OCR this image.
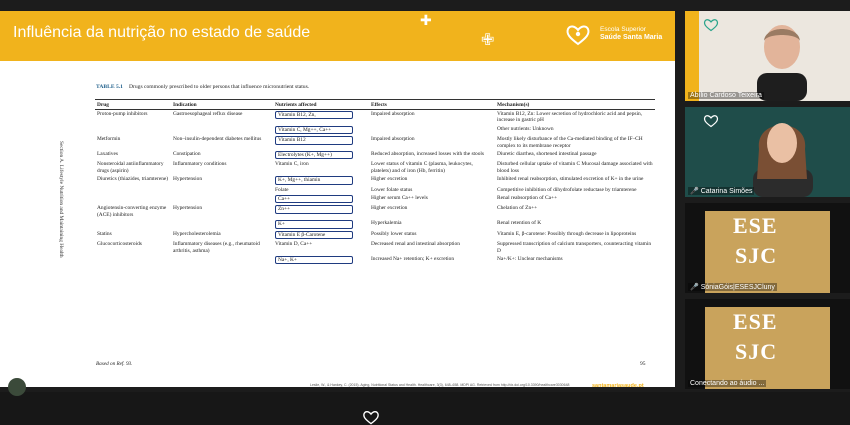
Influência da nutrição no estado de saúde
✚
✙
Escola Superior
Saúde Santa Maria
TABLE 5.1 Drugs commonly prescribed to older persons that influence micronutrient status.
Section A. Lifestyle Nutrition and Maintaining Health
Drug	Indication	Nutrients affected	Effects	Mechanism(s)
Proton-pump inhibitors	Gastroesophageal reflux disease	Vitamin B12, Zn,	Impaired absorption	Vitamin B12, Zn: Lower secretion of hydrochloric acid and pepsin, increase in gastric pH
		Vitamin C, Mg++, Ca++		Other nutrients: Unknown
Metformin	Non–insulin-dependent diabetes mellitus	Vitamin B12	Impaired absorption	Mostly likely disturbance of the Ca-mediated binding of the IF–CH complex to its membrane receptor
Laxatives	Constipation	Electrolytes (K+, Mg++)	Reduced absorption, increased losses with the stools	Diuretic diarrhea, shortened intestinal passage
Nonsteroidal antiinflammatory drugs (aspirin)	Inflammatory conditions	Vitamin C, iron	Lower status of vitamin C (plasma, leukocytes, platelets) and of iron (Hb, ferritin)	Disturbed cellular uptake of vitamin C Mucosal damage associated with blood loss
Diuretics (thiazides, triamterene)	Hypertension	K+, Mg++, thiamin	Higher excretion	Inhibited renal reabsorption, stimulated excretion of K+ in the urine
		Folate	Lower folate status	Competitive inhibition of dihydrofolate reductase by triamterene
		Ca++	Higher serum Ca++ levels	Renal reabsorption of Ca++
Angiotensin-converting enzyme (ACE) inhibitors	Hypertension	Zn++	Higher excretion	Chelation of Zn++
		K+	Hyperkalemia	Renal retention of K
Statins	Hypercholesterolemia	Vitamin E β-Carotene	Possibly lower status	Vitamin E, β-carotene: Possibly through decrease in lipoproteins
Glucocorticosteroids	Inflammatory diseases (e.g., rheumatoid arthritis, asthma)	Vitamin D, Ca++	Decreased renal and intestinal absorption	Suppressed transcription of calcium transporters, counteracting vitamin D
		Na+, K+	Increased Na+ retention; K+ excretion	Na+/K+: Unclear mechanisms
Based on Ref. 93.	95
Leslie, W., & Hankey, C. (2015). Aging, Nutritional Status and Health. Healthcare, 3(3), 648–658. MDPI AG. Retrieved from http://dx.doi.org/10.3390/healthcare3030648	santamariasaude.pt
Abílio Cardoso Teixeira
🎤 Catarina Simões
ESE
SJC
🎤 SóniaGóis|ESESJCluny
ESE
SJC
Conectando ao áudio ...
